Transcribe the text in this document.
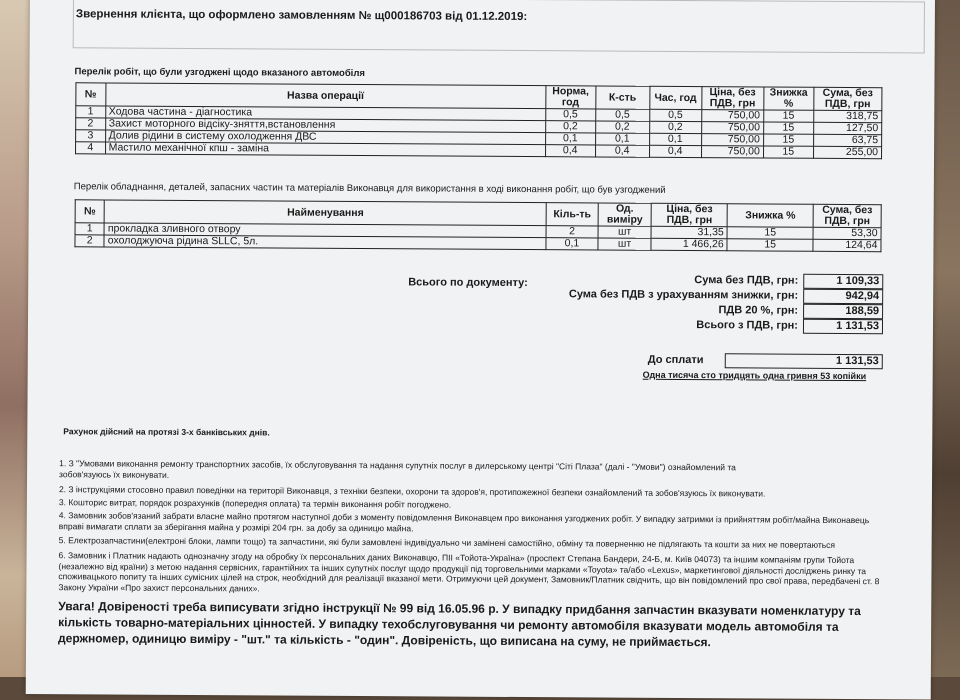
Звернення клієнта, що оформлено замовленням № щ000186703 від 01.12.2019:
Перелік робіт, що були узгоджені щодо вказаного автомобіля
№	Назва операції	Норма, год	К-сть	Час, год	Ціна, без ПДВ, грн	Знижка %	Сума, без ПДВ, грн
1	Ходова частина - діагностика	0,5	0,5	0,5	750,00	15	318,75
2	Захист моторного відсіку-зняття,встановлення	0,2	0,2	0,2	750,00	15	127,50
3	Долив рідини в систему охолодження ДВС	0,1	0,1	0,1	750,00	15	63,75
4	Мастило механічної кпш - заміна	0,4	0,4	0,4	750,00	15	255,00
Перелік обладнання, деталей, запасних частин та матеріалів Виконавця для використання в ході виконання робіт, що був узгоджений
№	Найменування	Кіль-ть	Од. виміру	Ціна, без ПДВ, грн	Знижка %	Сума, без ПДВ, грн
1	прокладка зливного отвору	2	шт	31,35	15	53,30
2	охолоджуюча рідина SLLC, 5л.	0,1	шт	1 466,26	15	124,64
Всього по документу:	Сума без ПДВ, грн:	1 109,33
Сума без ПДВ з урахуванням знижки, грн:	942,94
ПДВ 20 %, грн:	188,59
Всього з ПДВ, грн:	1 131,53
До сплати	1 131,53
Одна тисяча сто тридцять одна гривня 53 копійки
Рахунок дійсний на протязі 3-х банківських днів.
1. З "Умовами виконання ремонту транспортних засобів, їх обслуговування та надання супутніх послуг в дилерському центрі "Сіті Плаза" (далі - "Умови") ознайомлений та зобов'язуюсь їх виконувати.
2. З інструкціями стосовно правил поведінки на території Виконавця, з техніки безпеки, охорони та здоров'я, протипожежної безпеки ознайомлений та зобов'язуюсь їх виконувати.
3. Кошторис витрат, порядок розрахунків (попередня оплата) та термін виконання робіт погоджено.
4. Замовник зобов'язаний забрати власне майно протягом наступної доби з моменту повідомлення Виконавцем про виконання узгоджених робіт. У випадку затримки із прийняттям робіт/майна Виконавець вправі вимагати сплати за зберігання майна у розмірі 204 грн. за добу за одиницю майна.
5. Електрозапчастини(електроні блоки, лампи тощо) та запчастини, які були замовлені індивідуально чи замінені самостійно, обміну та поверненню не підлягають та кошти за них не повертаються
6. Замовник і Платник надають однозначну згоду на обробку їх персональних даних Виконавцю, ПІІ «Тойота-Україна» (проспект Степана Бандери, 24-Б, м. Київ 04073) та іншим компаніям групи Тойота (незалежно від країни) з метою надання сервісних, гарантійних та інших супутніх послуг щодо продукції під торговельними марками «Toyota» та/або «Lexus», маркетингової діяльності досліджень ринку та споживацького попиту та інших сумісних цілей на строк, необхідний для реалізації вказаної мети. Отримуючи цей документ, Замовник/Платник свідчить, що він повідомлений про свої права, передбачені ст. 8 Закону України «Про захист персональних даних».
Увага! Довіреності треба виписувати згідно інструкції № 99 від 16.05.96 р. У випадку придбання запчастин вказувати номенклатуру та кількість товарно-матеріальних цінностей. У випадку техобслуговування чи ремонту автомобіля вказувати модель автомобіля та держномер, одиницю виміру - "шт." та кількість - "один". Довіреність, що виписана на суму, не приймається.
